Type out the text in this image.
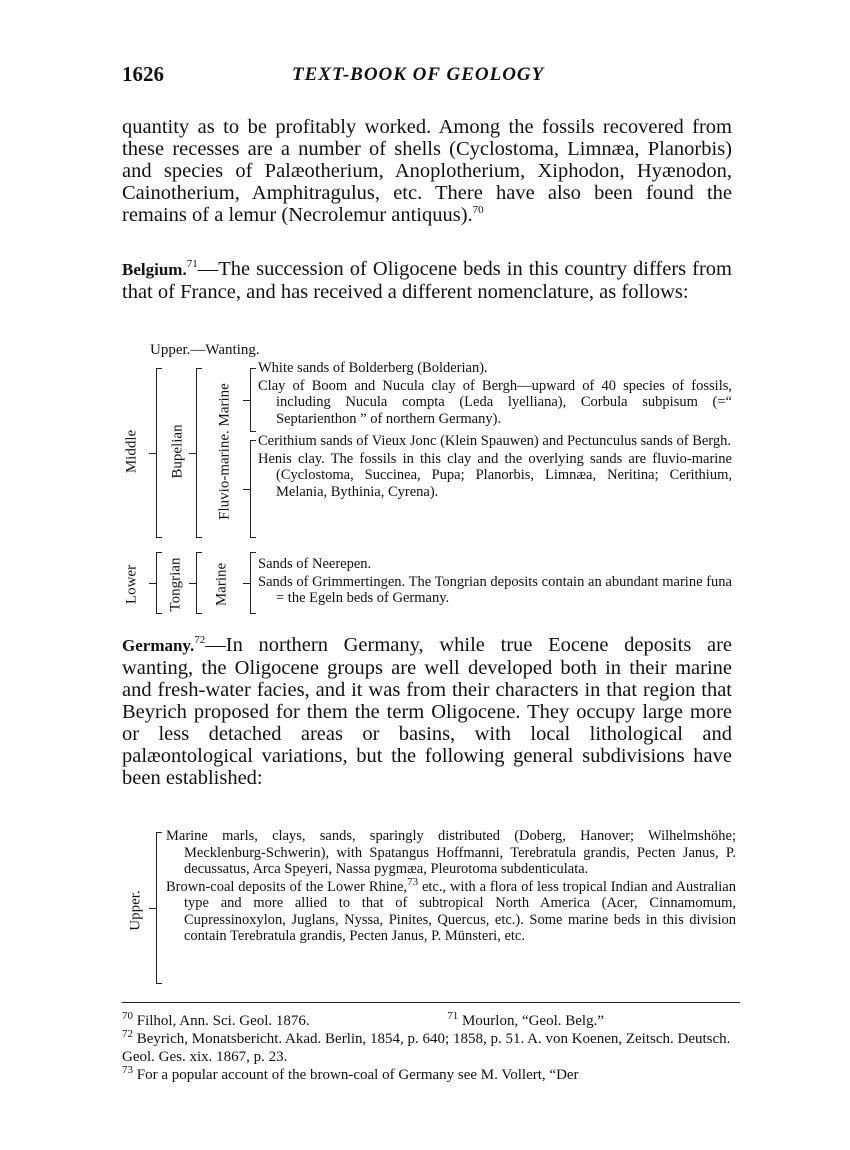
1626	TEXT-BOOK OF GEOLOGY

quantity as to be profitably worked. Among the fossils recovered from these recesses are a number of shells (Cyclostoma, Limnæa, Planorbis) and species of Palæotherium, Anoplotherium, Xiphodon, Hyænodon, Cainotherium, Amphitragulus, etc. There have also been found the remains of a lemur (Necrolemur antiquus).$^{70}$

Belgium.$^{71}$—The succession of Oligocene beds in this country differs from that of France, and has received a different nomenclature, as follows:

Upper.—Wanting.
Middle Bupelian Fluvio-marine. Marine

White sands of Bolderberg (Bolderian).

Clay of Boom and Nucula clay of Bergh—upward of 40 species of fossils, including Nucula compta (Leda lyelliana), Corbula subpisum (=“ Septarienthon ” of northern Germany).

Cerithium sands of Vieux Jonc (Klein Spauwen) and Pectunculus sands of Bergh.

Henis clay. The fossils in this clay and the overlying sands are fluvio-marine (Cyclostoma, Succinea, Pupa; Planorbis, Limnæa, Neritina; Cerithium, Melania, Bythinia, Cyrena).

Lower Tongrian Marine Sands of Neerepen.

Sands of Grimmertingen. The Tongrian deposits contain an abundant marine funa = the Egeln beds of Germany.

Germany.$^{72}$—In northern Germany, while true Eocene deposits are wanting, the Oligocene groups are well developed both in their marine and fresh-water facies, and it was from their characters in that region that Beyrich proposed for them the term Oligocene. They occupy large more or less detached areas or basins, with local lithological and palæontological variations, but the following general subdivisions have been established:

Upper.

Marine marls, clays, sands, sparingly distributed (Doberg, Hanover; Wilhelmshöhe; Mecklenburg-Schwerin), with Spatangus Hoffmanni, Terebratula grandis, Pecten Janus, P. decussatus, Arca Speyeri, Nassa pygmæa, Pleurotoma subdenticulata.

Brown-coal deposits of the Lower Rhine,$^{73}$ etc., with a flora of less tropical Indian and Australian type and more allied to that of subtropical North America (Acer, Cinnamomum, Cupressinoxylon, Juglans, Nyssa, Pinites, Quercus, etc.). Some marine beds in this division contain Terebratula grandis, Pecten Janus, P. Münsteri, etc.

$^{70}$ Filhol, Ann. Sci. Geol. 1876.	$^{71}$ Mourlon, “Geol. Belg.”

$^{72}$ Beyrich, Monatsbericht. Akad. Berlin, 1854, p. 640; 1858, p. 51. A. von Koenen, Zeitsch. Deutsch. Geol. Ges. xix. 1867, p. 23.

$^{73}$ For a popular account of the brown-coal of Germany see M. Vollert, “Der
